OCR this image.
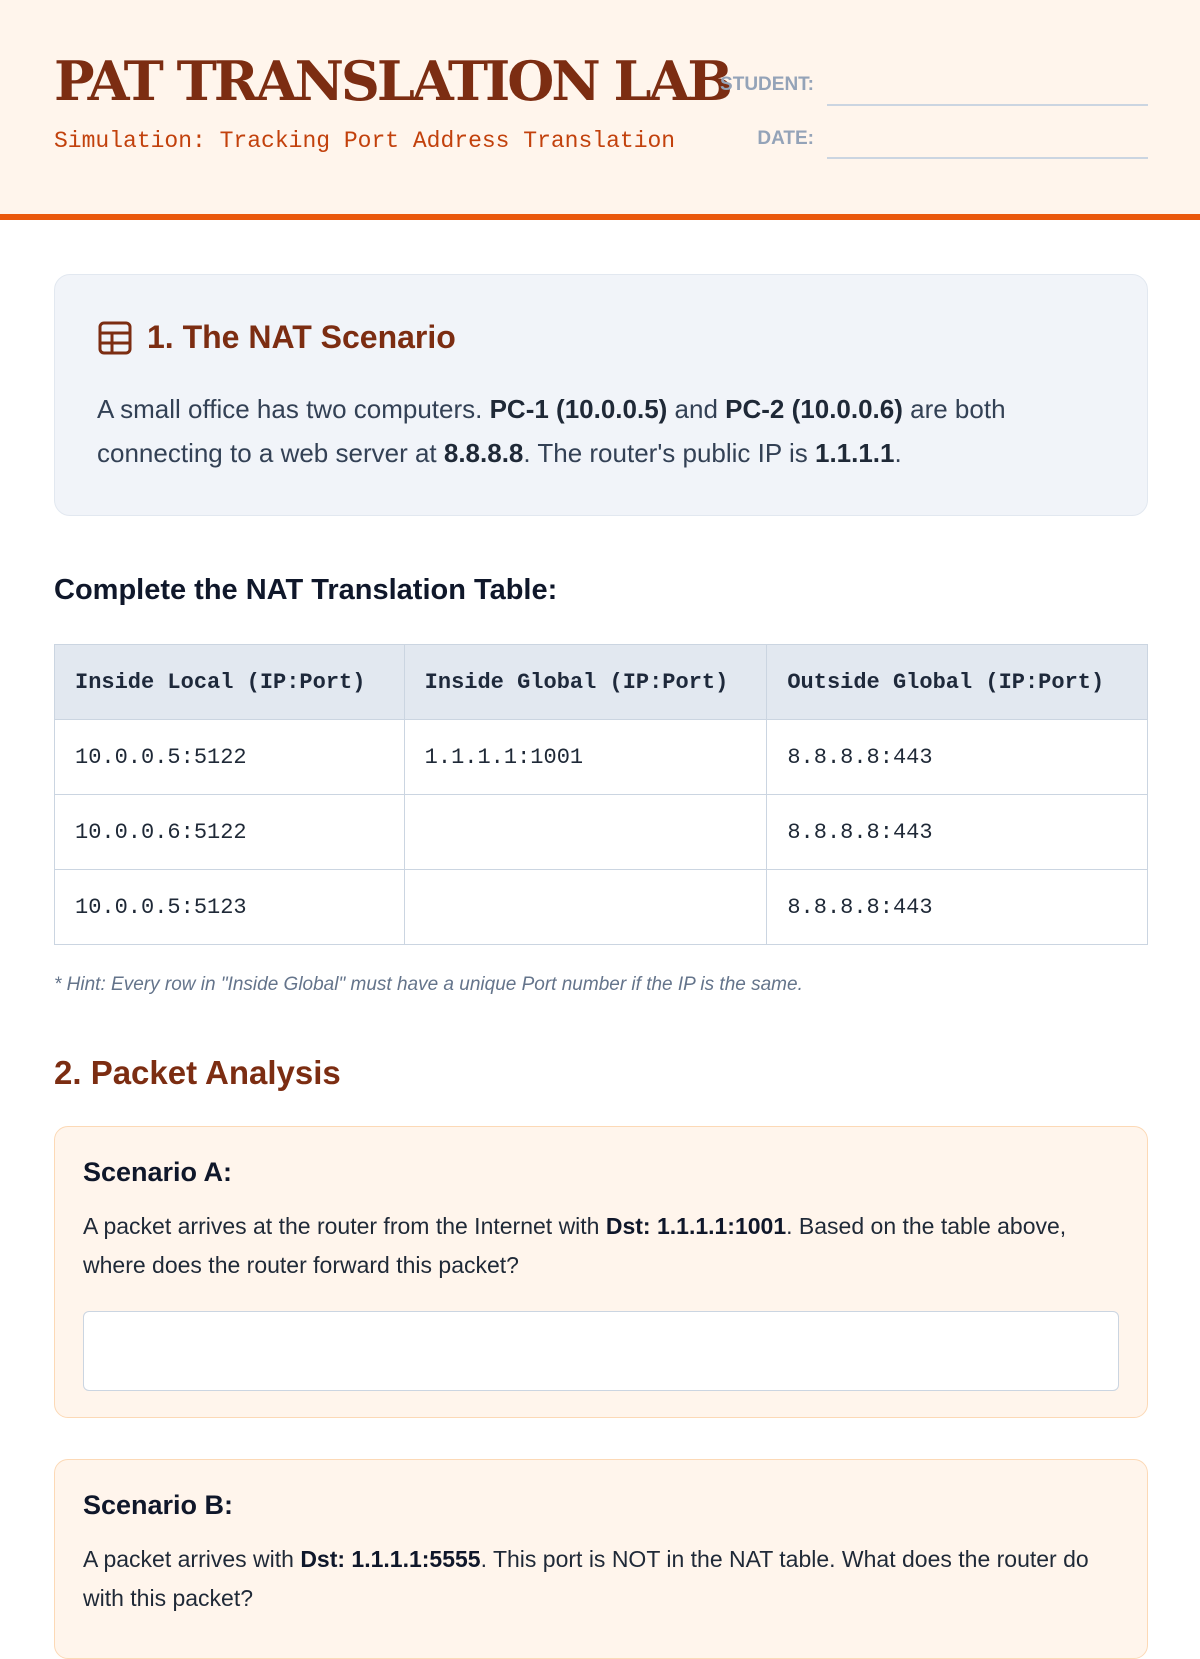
PAT TRANSLATION LAB
Simulation: Tracking Port Address Translation
STUDENT:
DATE:
1. The NAT Scenario

A small office has two computers. PC-1 (10.0.0.5) and PC-2 (10.0.0.6) are both connecting to a web server at 8.8.8.8. The router's public IP is 1.1.1.1.

Complete the NAT Translation Table:
Inside Local (IP:Port)	Inside Global (IP:Port)	Outside Global (IP:Port)
10.0.0.5:5122	1.1.1.1:1001	8.8.8.8:443
10.0.0.6:5122		8.8.8.8:443
10.0.0.5:5123		8.8.8.8:443
* Hint: Every row in "Inside Global" must have a unique Port number if the IP is the same.
2. Packet Analysis
Scenario A:

A packet arrives at the router from the Internet with Dst: 1.1.1.1:1001. Based on the table above, where does the router forward this packet?

Scenario B:

A packet arrives with Dst: 1.1.1.1:5555. This port is NOT in the NAT table. What does the router do with this packet?
